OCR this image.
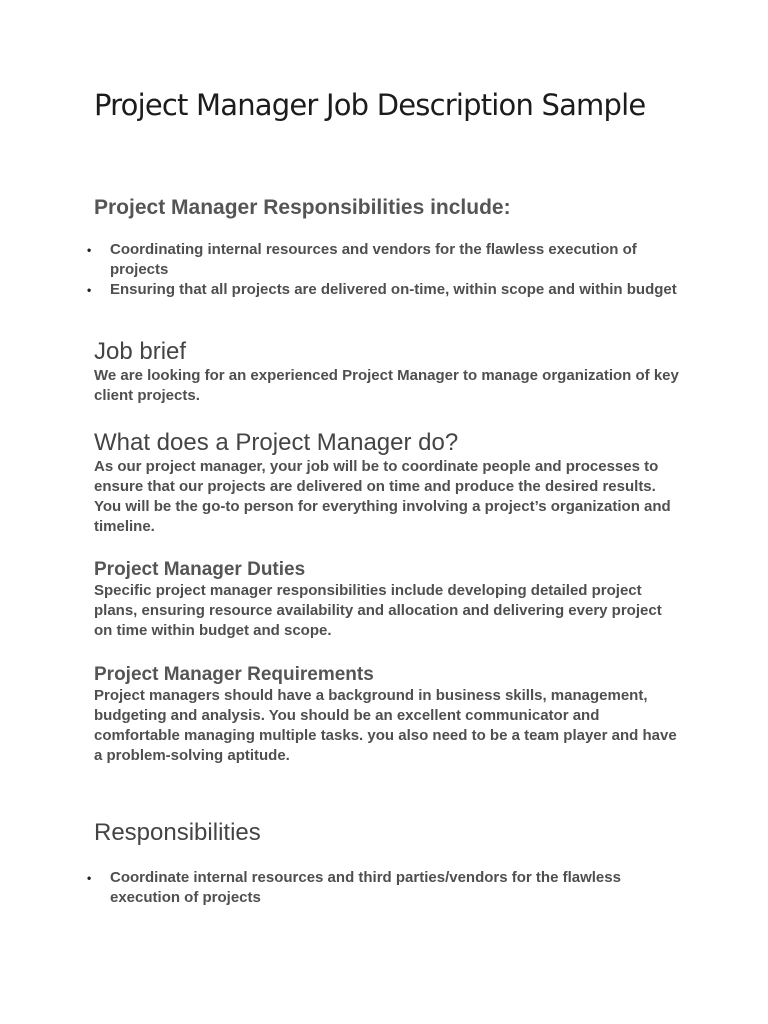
Project Manager Job Description Sample
Project Manager Responsibilities include:
• Coordinating internal resources and vendors for the flawless execution of projects
• Ensuring that all projects are delivered on-time, within scope and within budget
Job brief

We are looking for an experienced Project Manager to manage organization of key client projects.

What does a Project Manager do?

As our project manager, your job will be to coordinate people and processes to ensure that our projects are delivered on time and produce the desired results. You will be the go-to person for everything involving a project’s organization and timeline.

Project Manager Duties

Specific project manager responsibilities include developing detailed project plans, ensuring resource availability and allocation and delivering every project on time within budget and scope.

Project Manager Requirements

Project managers should have a background in business skills, management, budgeting and analysis. You should be an excellent communicator and comfortable managing multiple tasks. you also need to be a team player and have a problem-solving aptitude.

Responsibilities
• Coordinate internal resources and third parties/vendors for the flawless execution of projects
